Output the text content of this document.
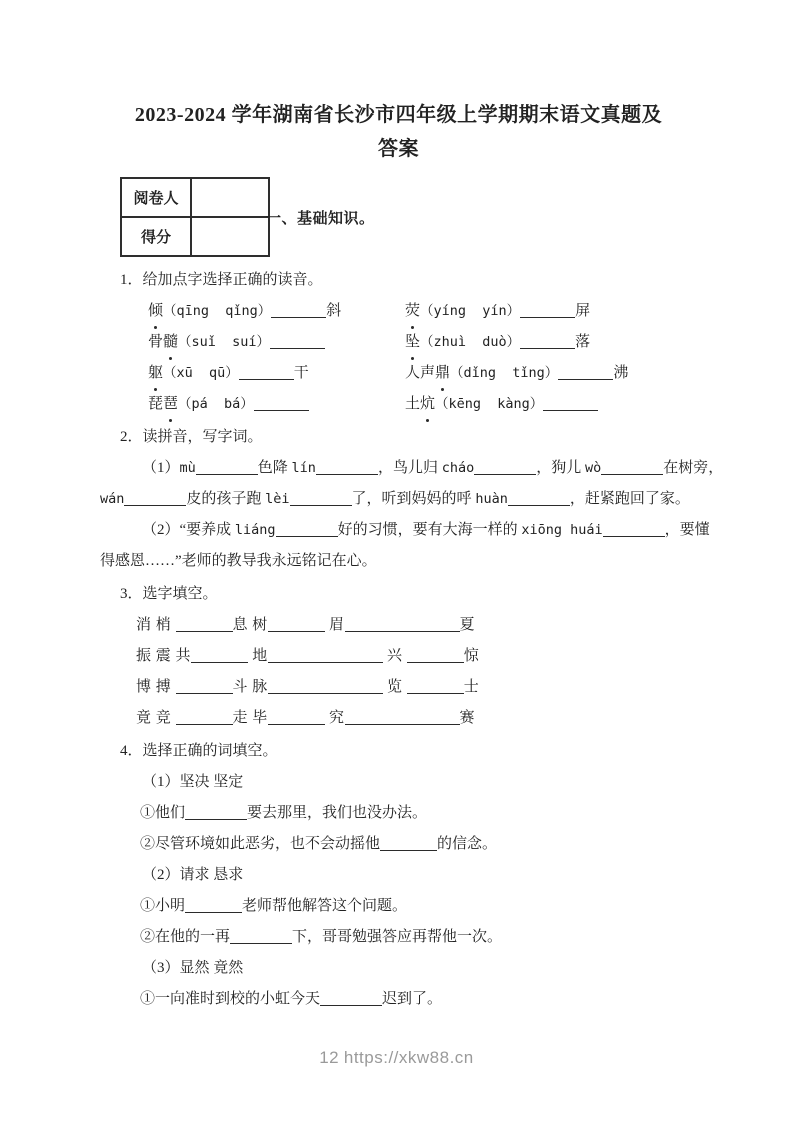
2023-2024 学年湖南省长沙市四年级上学期期末语文真题及
答案
阅卷人	
得分	
一、基础知识。
1．给加点字选择正确的读音。
倾（qīng  qǐng）	斜	荧（yíng  yín）	屏
骨髓（suǐ  suí）	坠（zhuì  duò）	落
躯（xū  qū）	干	人声鼎（dǐng  tǐng）	沸
琵琶（pá  bá）	土炕（kēng  kàng）
2．读拼音，写字词。
（1）mù	色降 lín	，鸟儿归 cháo	，狗儿 wò	在树旁，
wán	皮的孩子跑 lèi	了，听到妈妈的呼 huàn	，赶紧跑回了家。
（2）“要养成 liáng	好的习惯，要有大海一样的 xiōng huái	，要懂
得感恩……”老师的教导我永远铭记在心。
3．选字填空。
消 梢	息 树	眉	夏
振 震 共	地	兴	惊
博 搏	斗 脉	览	士
竟 竞	走 毕	究	赛
4．选择正确的词填空。
（1）坚决 坚定
①他们	要去那里，我们也没办法。
②尽管环境如此恶劣，也不会动摇他	的信念。
（2）请求 恳求
①小明	老师帮他解答这个问题。
②在他的一再	下，哥哥勉强答应再帮他一次。
（3）显然 竟然
①一向准时到校的小虹今天	迟到了。
12 https://xkw88.cn
